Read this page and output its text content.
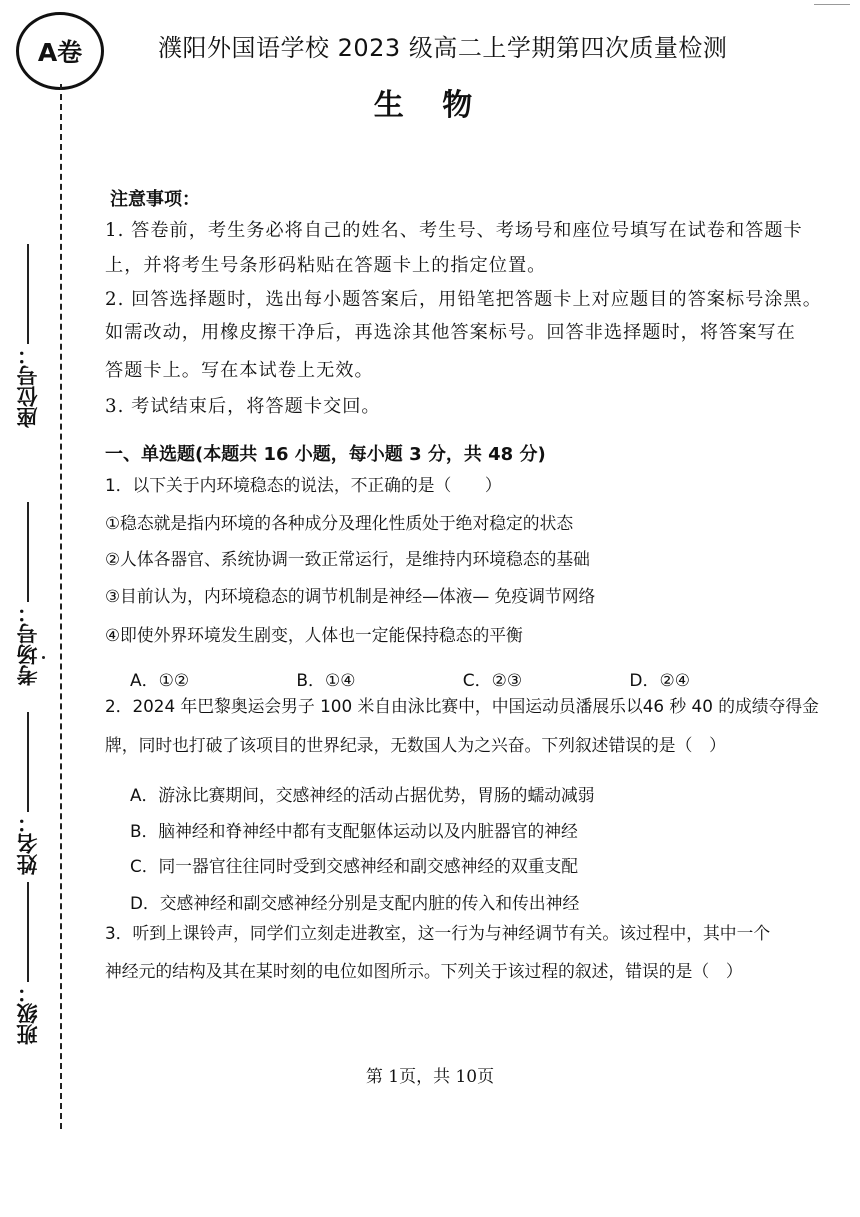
A卷
座位号：
考场号：
姓名：
班级：
濮阳外国语学校 2023 级高二上学期第四次质量检测
生 物
注意事项：
1. 答卷前，考生务必将自己的姓名、考生号、考场号和座位号填写在试卷和答题卡
上，并将考生号条形码粘贴在答题卡上的指定位置。
2. 回答选择题时，选出每小题答案后，用铅笔把答题卡上对应题目的答案标号涂黑。
如需改动，用橡皮擦干净后，再选涂其他答案标号。回答非选择题时，将答案写在
答题卡上。写在本试卷上无效。
3. 考试结束后，将答题卡交回。
一、单选题(本题共 16 小题，每小题 3 分，共 48 分)
1．以下关于内环境稳态的说法，不正确的是（　　）
①稳态就是指内环境的各种成分及理化性质处于绝对稳定的状态
②人体各器官、系统协调一致正常运行，是维持内环境稳态的基础
③目前认为，内环境稳态的调节机制是神经—体液— 免疫调节网络
④即使外界环境发生剧变，人体也一定能保持稳态的平衡
A．①②	B．①④	C．②③	D．②④
2．2024 年巴黎奥运会男子 100 米自由泳比赛中，中国运动员潘展乐以46 秒 40 的成绩夺得金
牌，同时也打破了该项目的世界纪录，无数国人为之兴奋。下列叙述错误的是（　）
A．游泳比赛期间，交感神经的活动占据优势，胃肠的蠕动减弱
B．脑神经和脊神经中都有支配躯体运动以及内脏器官的神经
C．同一器官往往同时受到交感神经和副交感神经的双重支配
D．交感神经和副交感神经分别是支配内脏的传入和传出神经
3．听到上课铃声，同学们立刻走进教室，这一行为与神经调节有关。该过程中，其中一个
神经元的结构及其在某时刻的电位如图所示。下列关于该过程的叙述，错误的是（　）
第 1页，共 10页
